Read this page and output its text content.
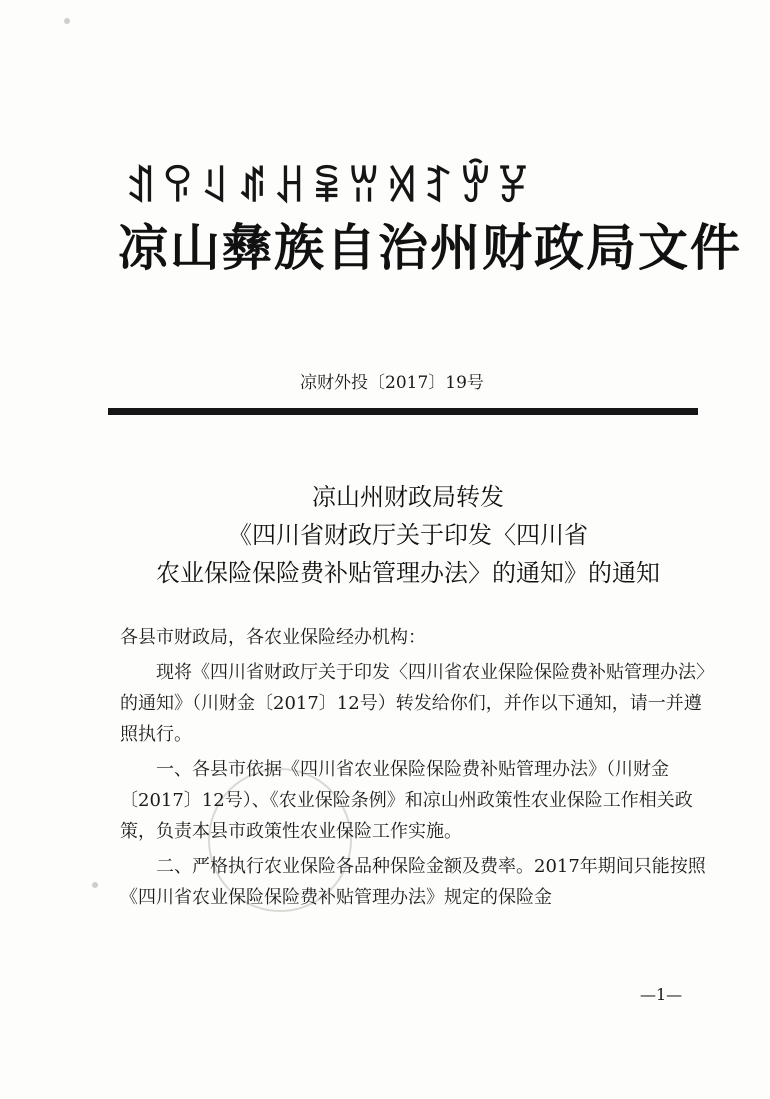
ꀊꀬꆹꁮꃅꈜꀕꄉꆈꏭꐯ
凉山彝族自治州财政局文件
凉财外投〔2017〕19号
凉山州财政局转发
《四川省财政厅关于印发〈四川省
农业保险保险费补贴管理办法〉的通知》的通知

各县市财政局，各农业保险经办机构：

现将《四川省财政厅关于印发〈四川省农业保险保险费补贴管理办法〉的通知》（川财金〔2017〕12号）转发给你们，并作以下通知，请一并遵照执行。

一、各县市依据《四川省农业保险保险费补贴管理办法》（川财金〔2017〕12号）、《农业保险条例》和凉山州政策性农业保险工作相关政策，负责本县市政策性农业保险工作实施。

二、严格执行农业保险各品种保险金额及费率。2017年期间只能按照《四川省农业保险保险费补贴管理办法》规定的保险金

—1—
